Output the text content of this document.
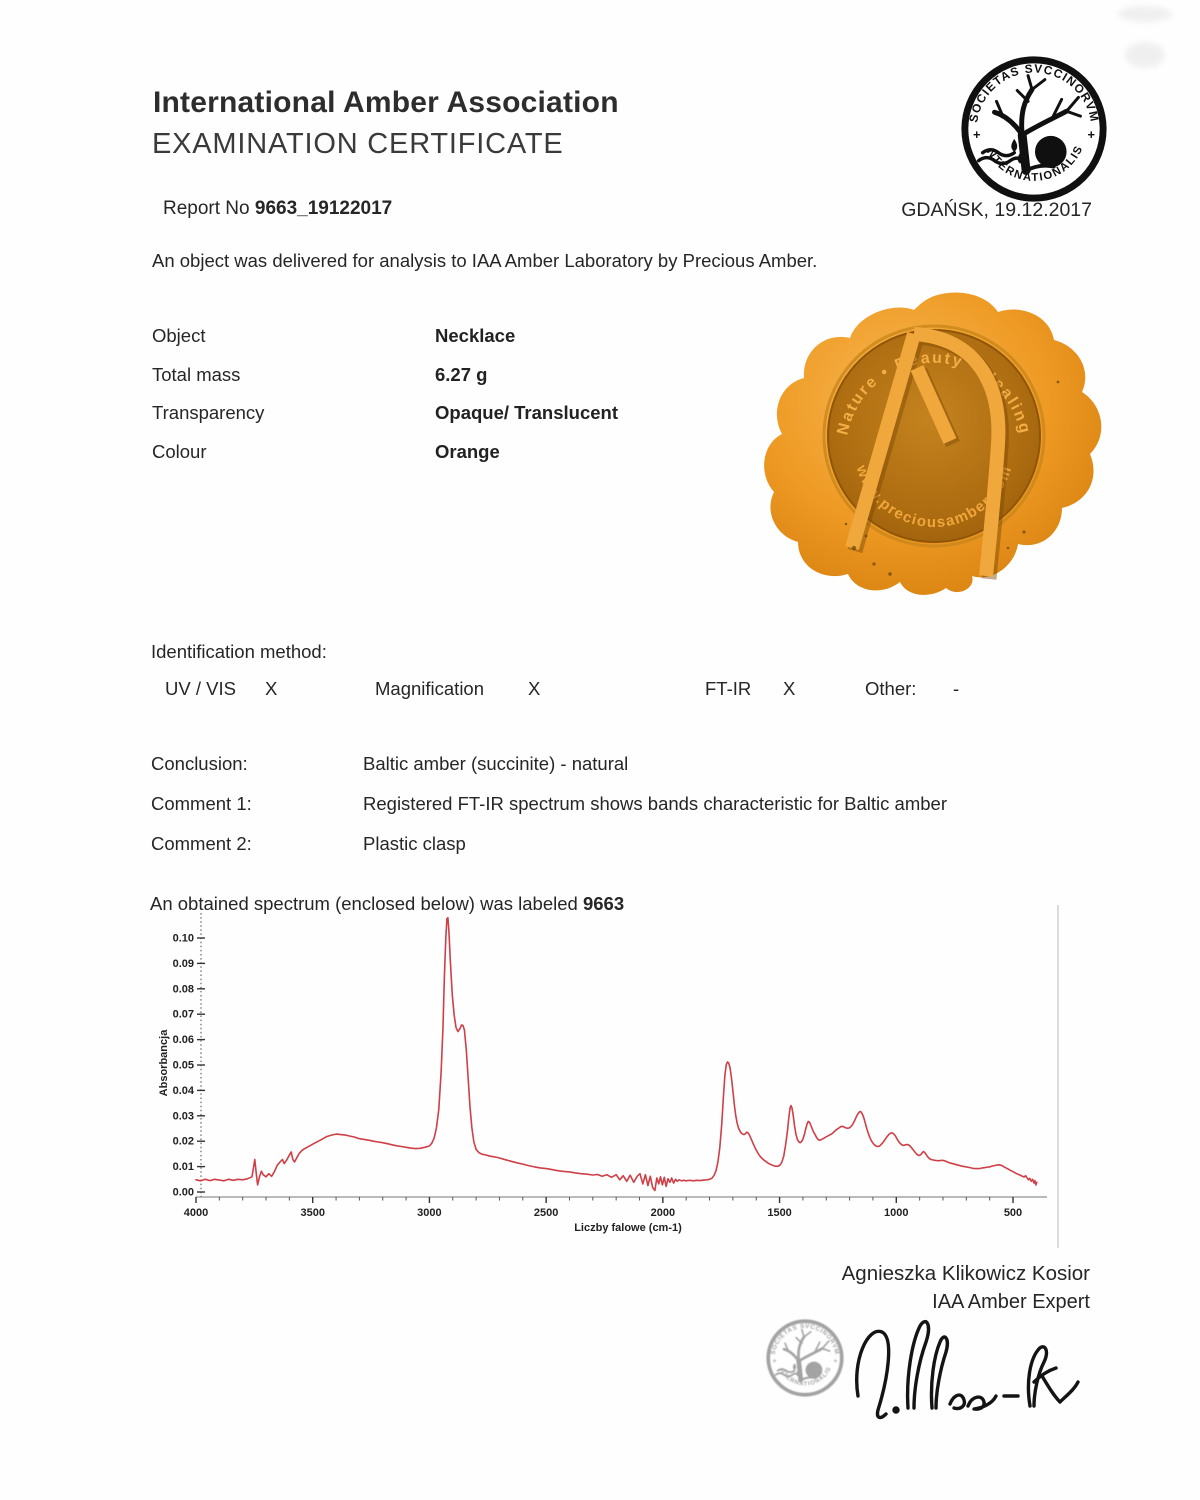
International Amber Association
EXAMINATION CERTIFICATE
Report No 9663_19122017	GDAŃSK, 19.12.2017
An object was delivered for analysis to IAA Amber Laboratory by Precious Amber.
Object	Necklace
Total mass	6.27 g
Transparency	Opaque/ Translucent
Colour	Orange
Nature • Beauty • Healing
www.preciousamber.com
Identification method:
UV / VIS X	Magnification X	FT-IR X	Other: -
Conclusion:	Baltic amber (succinite) - natural
Comment 1:	Registered FT-IR spectrum shows bands characteristic for Baltic amber
Comment 2:	Plastic clasp
An obtained spectrum (enclosed below) was labeled 9663
0.00
0.01
0.02
0.03
0.04
0.05
0.06
0.07
0.08
0.09
0.10
4000	3500	3000	2500	2000	1500	1000	500
Liczby falowe (cm-1)
Absorbancja
Agnieszka Klikowicz Kosior
IAA Amber Expert
